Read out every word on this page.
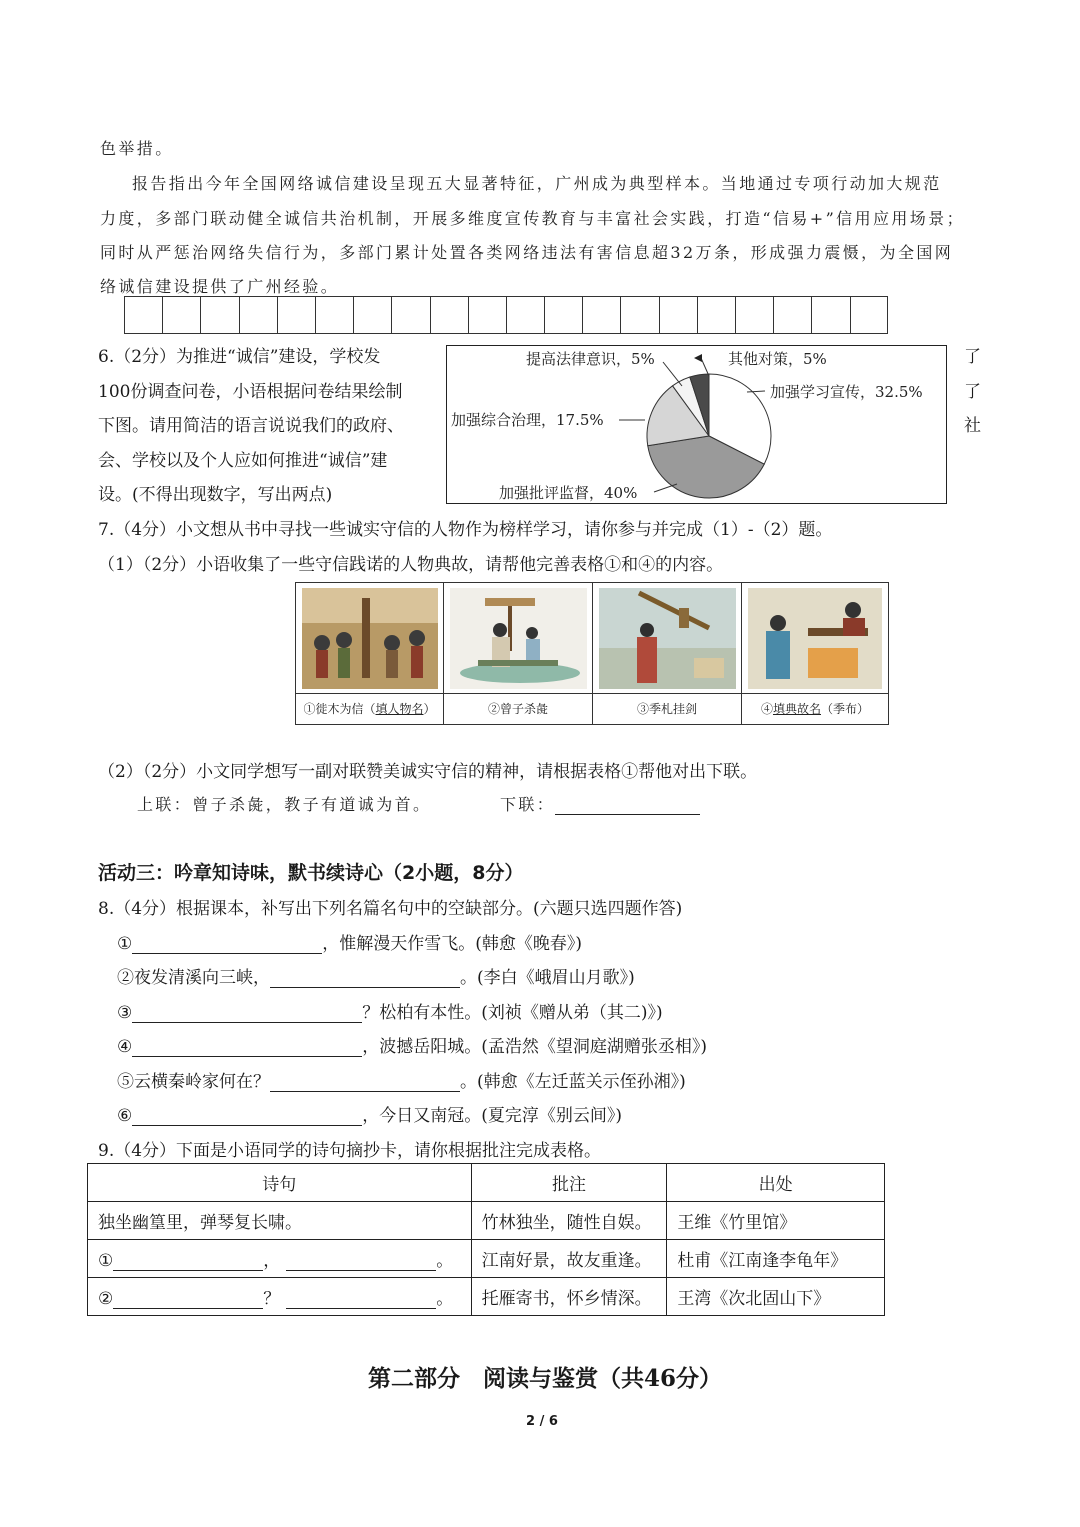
色举措。
报告指出今年全国网络诚信建设呈现五大显著特征，广州成为典型样本。当地通过专项行动加大规范
力度，多部门联动健全诚信共治机制，开展多维度宣传教育与丰富社会实践，打造“信易+”信用应用场景；
同时从严惩治网络失信行为，多部门累计处置各类网络违法有害信息超32万条，形成强力震慑，为全国网
络诚信建设提供了广州经验。
6.（2分）为推进“诚信”建设，学校发
100份调查问卷，小语根据问卷结果绘制
下图。请用简洁的语言说说我们的政府、
会、学校以及个人应如何推进“诚信”建
设。(不得出现数字，写出两点)
了
了
社
提高法律意识，5%	其他对策，5%
加强学习宣传，32.5%
加强综合治理，17.5%
加强批评监督，40%
7.（4分）小文想从书中寻找一些诚实守信的人物作为榜样学习，请你参与并完成（1）-（2）题。
（1）（2分）小语收集了一些守信践诺的人物典故，请帮他完善表格①和④的内容。
①徙木为信（填人物名）	②曾子杀彘	③季札挂剑	④填典故名（季布）
（2）（2分）小文同学想写一副对联赞美诚实守信的精神，请根据表格①帮他对出下联。
上联：曾子杀彘，教子有道诚为首。	下联：
活动三：吟章知诗味，默书续诗心（2小题，8分）
8.（4分）根据课本，补写出下列名篇名句中的空缺部分。(六题只选四题作答)
①	，惟解漫天作雪飞。(韩愈《晚春》)
②夜发清溪向三峡，	。(李白《峨眉山月歌》)
③	？松柏有本性。(刘祯《赠从弟（其二)》)
④	，波撼岳阳城。(孟浩然《望洞庭湖赠张丞相》)
⑤云横秦岭家何在？	。(韩愈《左迁蓝关示侄孙湘》)
⑥	，今日又南冠。(夏完淳《别云间》)
9.（4分）下面是小语同学的诗句摘抄卡，请你根据批注完成表格。
诗句	批注	出处
独坐幽篁里，弹琴复长啸。	竹林独坐，随性自娱。	王维《竹里馆》
① ， 。	江南好景，故友重逢。	杜甫《江南逢李龟年》
② ？ 。	托雁寄书，怀乡情深。	王湾《次北固山下》
第二部分　阅读与鉴赏（共46分）
2 / 6
